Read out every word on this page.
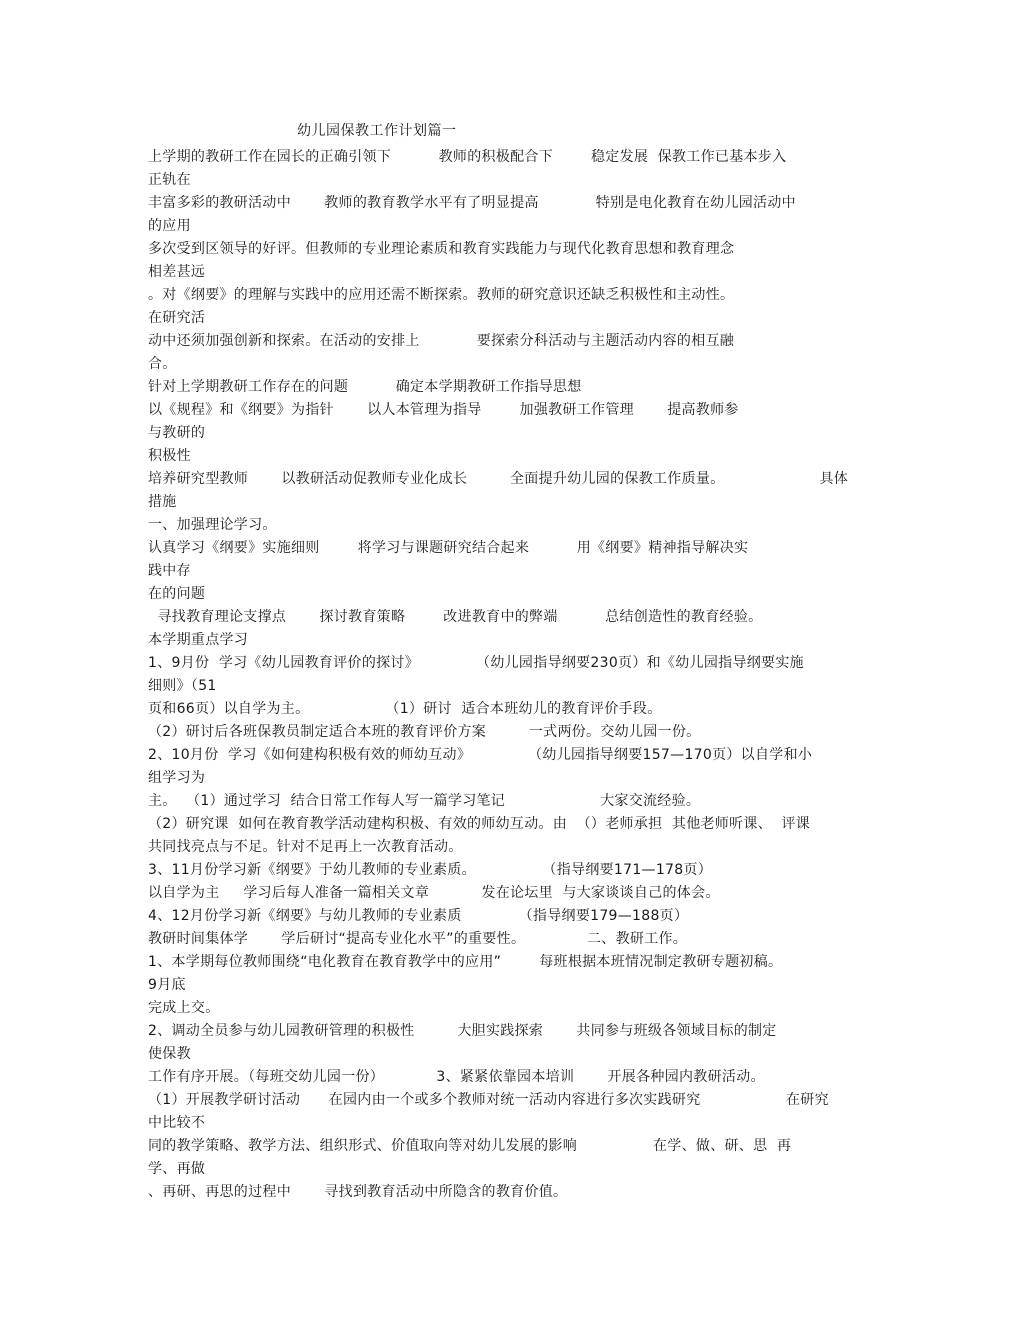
幼儿园保教工作计划篇一
上学期的教研工作在园长的正确引领下          教师的积极配合下        稳定发展  保教工作已基本步入
正轨在
丰富多彩的教研活动中       教师的教育教学水平有了明显提高            特别是电化教育在幼儿园活动中
的应用
多次受到区领导的好评。但教师的专业理论素质和教育实践能力与现代化教育思想和教育理念
相差甚远
。对《纲要》的理解与实践中的应用还需不断探索。教师的研究意识还缺乏积极性和主动性。
在研究活
动中还须加强创新和探索。在活动的安排上            要探索分科活动与主题活动内容的相互融
合。
针对上学期教研工作存在的问题          确定本学期教研工作指导思想
以《规程》和《纲要》为指针       以人本管理为指导        加强教研工作管理       提高教师参
与教研的
积极性
培养研究型教师       以教研活动促教师专业化成长         全面提升幼儿园的保教工作质量。                    具体
措施
一、加强理论学习。
认真学习《纲要》实施细则        将学习与课题研究结合起来          用《纲要》精神指导解决实
践中存
在的问题
寻找教育理论支撑点       探讨教育策略        改进教育中的弊端          总结创造性的教育经验。
本学期重点学习
1、9月份  学习《幼儿园教育评价的探讨》            （幼儿园指导纲要230页）和《幼儿园指导纲要实施
细则》（51
页和66页）以自学为主。                （1）研讨  适合本班幼儿的教育评价手段。
（2）研讨后各班保教员制定适合本班的教育评价方案         一式两份。交幼儿园一份。
2、10月份  学习《如何建构积极有效的师幼互动》            （幼儿园指导纲要157—170页）以自学和小
组学习为
主。  （1）通过学习  结合日常工作每人写一篇学习笔记                    大家交流经验。
（2）研究课  如何在教育教学活动建构积极、有效的师幼互动。由  （）老师承担  其他老师听课、  评课
共同找亮点与不足。针对不足再上一次教育活动。
3、11月份学习新《纲要》于幼儿教师的专业素质。              （指导纲要171—178页）
以自学为主     学习后每人准备一篇相关文章           发在论坛里  与大家谈谈自己的体会。
4、12月份学习新《纲要》与幼儿教师的专业素质            （指导纲要179—188页）
教研时间集体学       学后研讨“提高专业化水平”的重要性。             二、教研工作。
1、本学期每位教师围绕“电化教育在教育教学中的应用”        每班根据本班情况制定教研专题初稿。
9月底
完成上交。
2、调动全员参与幼儿园教研管理的积极性         大胆实践探索       共同参与班级各领域目标的制定
使保教
工作有序开展。（每班交幼儿园一份）           3、紧紧依靠园本培训       开展各种园内教研活动。
（1）开展教学研讨活动      在园内由一个或多个教师对统一活动内容进行多次实践研究                  在研究
中比较不
同的教学策略、教学方法、组织形式、价值取向等对幼儿发展的影响                在学、做、研、思  再
学、再做
、再研、再思的过程中       寻找到教育活动中所隐含的教育价值。
